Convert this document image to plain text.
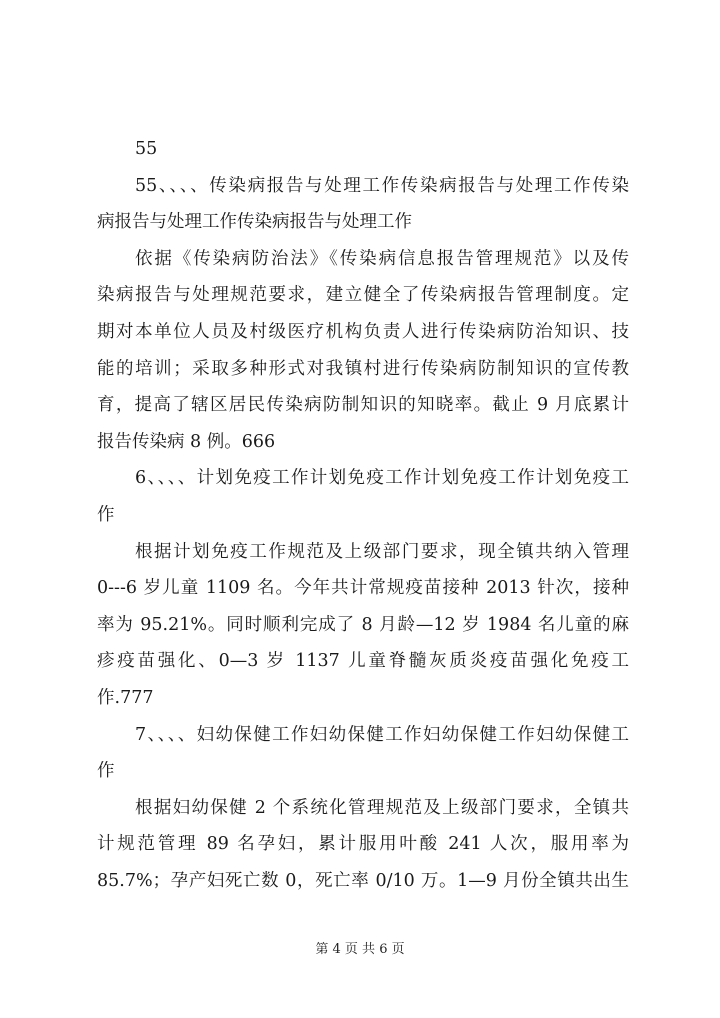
55
55、、、、传染病报告与处理工作传染病报告与处理工作传染
病报告与处理工作传染病报告与处理工作
依据《传染病防治法》《传染病信息报告管理规范》以及传
染病报告与处理规范要求，建立健全了传染病报告管理制度。定
期对本单位人员及村级医疗机构负责人进行传染病防治知识、技
能的培训；采取多种形式对我镇村进行传染病防制知识的宣传教
育，提高了辖区居民传染病防制知识的知晓率。截止 9 月底累计
报告传染病 8 例。666
6、、、、计划免疫工作计划免疫工作计划免疫工作计划免疫工
作
根据计划免疫工作规范及上级部门要求，现全镇共纳入管理
0---6 岁儿童 1109 名。今年共计常规疫苗接种 2013 针次，接种
率为 95.21%。同时顺利完成了 8 月龄—12 岁 1984 名儿童的麻
疹疫苗强化、0—3 岁 1137 儿童脊髓灰质炎疫苗强化免疫工
作.777
7、、、、妇幼保健工作妇幼保健工作妇幼保健工作妇幼保健工
作
根据妇幼保健 2 个系统化管理规范及上级部门要求，全镇共
计规范管理 89 名孕妇，累计服用叶酸 241 人次，服用率为
85.7%；孕产妇死亡数 0，死亡率 0/10 万。1—9 月份全镇共出生
第 4 页 共 6 页
